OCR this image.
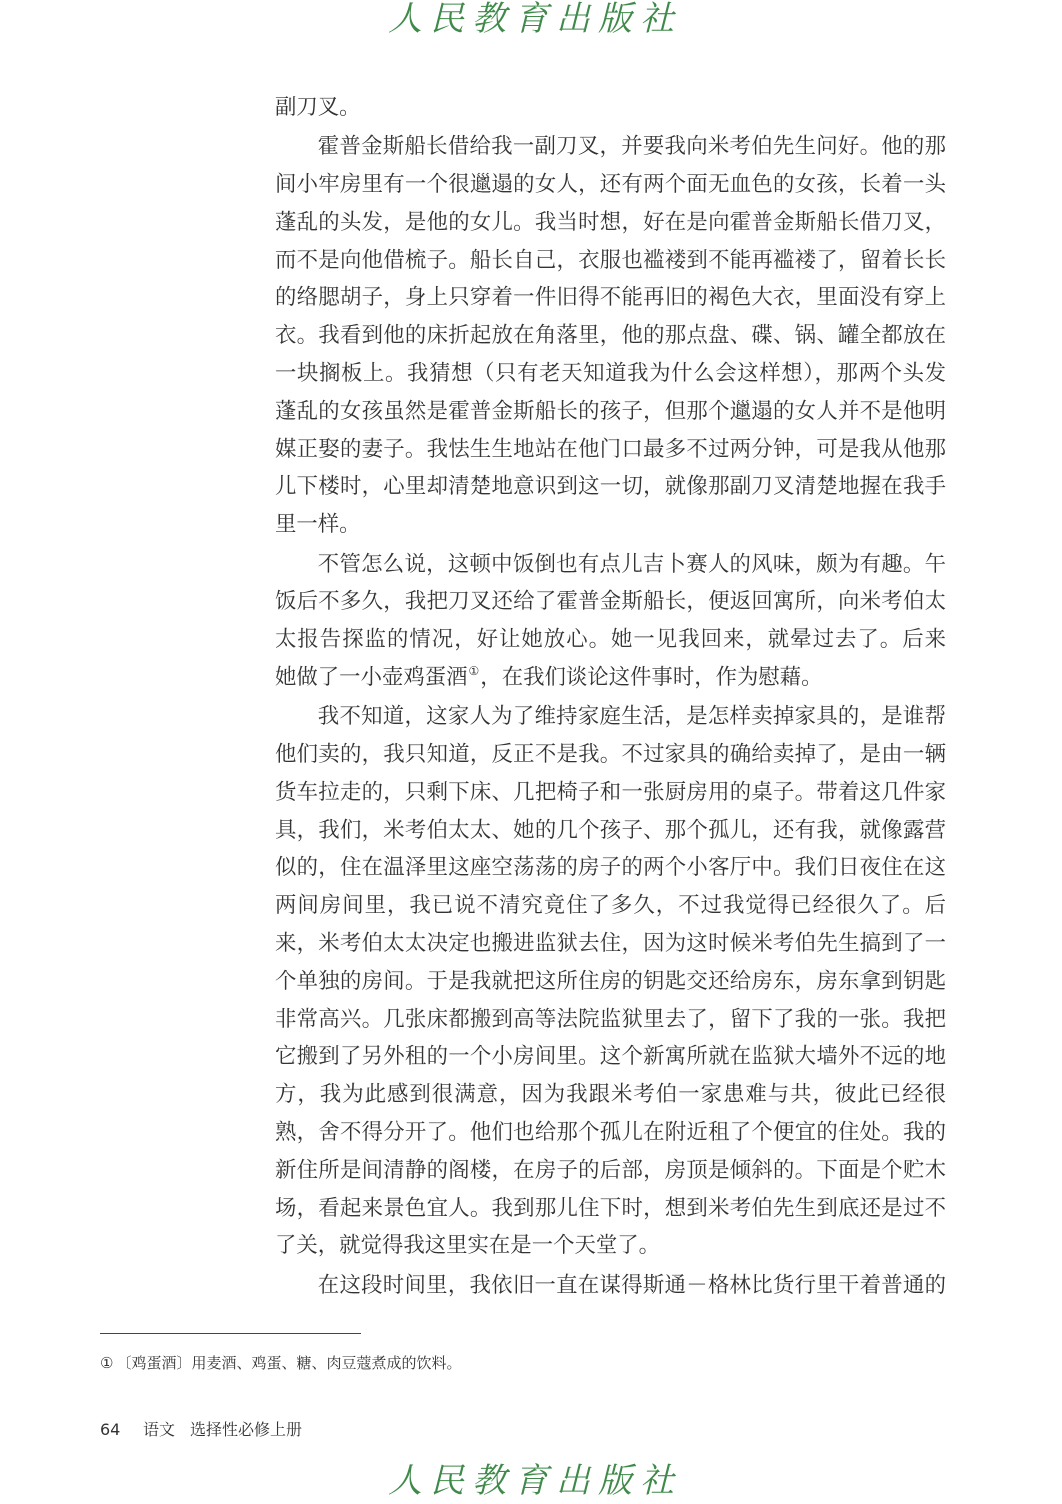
人民教育出版社
副刀叉。
霍普金斯船长借给我一副刀叉，并要我向米考伯先生问好。他的那
间小牢房里有一个很邋遢的女人，还有两个面无血色的女孩，长着一头
蓬乱的头发，是他的女儿。我当时想，好在是向霍普金斯船长借刀叉，
而不是向他借梳子。船长自己，衣服也褴褛到不能再褴褛了，留着长长
的络腮胡子，身上只穿着一件旧得不能再旧的褐色大衣，里面没有穿上
衣。我看到他的床折起放在角落里，他的那点盘、碟、锅、罐全都放在
一块搁板上。我猜想（只有老天知道我为什么会这样想），那两个头发
蓬乱的女孩虽然是霍普金斯船长的孩子，但那个邋遢的女人并不是他明
媒正娶的妻子。我怯生生地站在他门口最多不过两分钟，可是我从他那
儿下楼时，心里却清楚地意识到这一切，就像那副刀叉清楚地握在我手
里一样。
不管怎么说，这顿中饭倒也有点儿吉卜赛人的风味，颇为有趣。午
饭后不多久，我把刀叉还给了霍普金斯船长，便返回寓所，向米考伯太
太报告探监的情况，好让她放心。她一见我回来，就晕过去了。后来
她做了一小壶鸡蛋酒①，在我们谈论这件事时，作为慰藉。
我不知道，这家人为了维持家庭生活，是怎样卖掉家具的，是谁帮
他们卖的，我只知道，反正不是我。不过家具的确给卖掉了，是由一辆
货车拉走的，只剩下床、几把椅子和一张厨房用的桌子。带着这几件家
具，我们，米考伯太太、她的几个孩子、那个孤儿，还有我，就像露营
似的，住在温泽里这座空荡荡的房子的两个小客厅中。我们日夜住在这
两间房间里，我已说不清究竟住了多久，不过我觉得已经很久了。后
来，米考伯太太决定也搬进监狱去住，因为这时候米考伯先生搞到了一
个单独的房间。于是我就把这所住房的钥匙交还给房东，房东拿到钥匙
非常高兴。几张床都搬到高等法院监狱里去了，留下了我的一张。我把
它搬到了另外租的一个小房间里。这个新寓所就在监狱大墙外不远的地
方，我为此感到很满意，因为我跟米考伯一家患难与共，彼此已经很
熟，舍不得分开了。他们也给那个孤儿在附近租了个便宜的住处。我的
新住所是间清静的阁楼，在房子的后部，房顶是倾斜的。下面是个贮木
场，看起来景色宜人。我到那儿住下时，想到米考伯先生到底还是过不
了关，就觉得我这里实在是一个天堂了。
在这段时间里，我依旧一直在谋得斯通－格林比货行里干着普通的
① 〔鸡蛋酒〕用麦酒、鸡蛋、糖、肉豆蔻煮成的饮料。
64 语文 选择性必修上册
人民教育出版社
